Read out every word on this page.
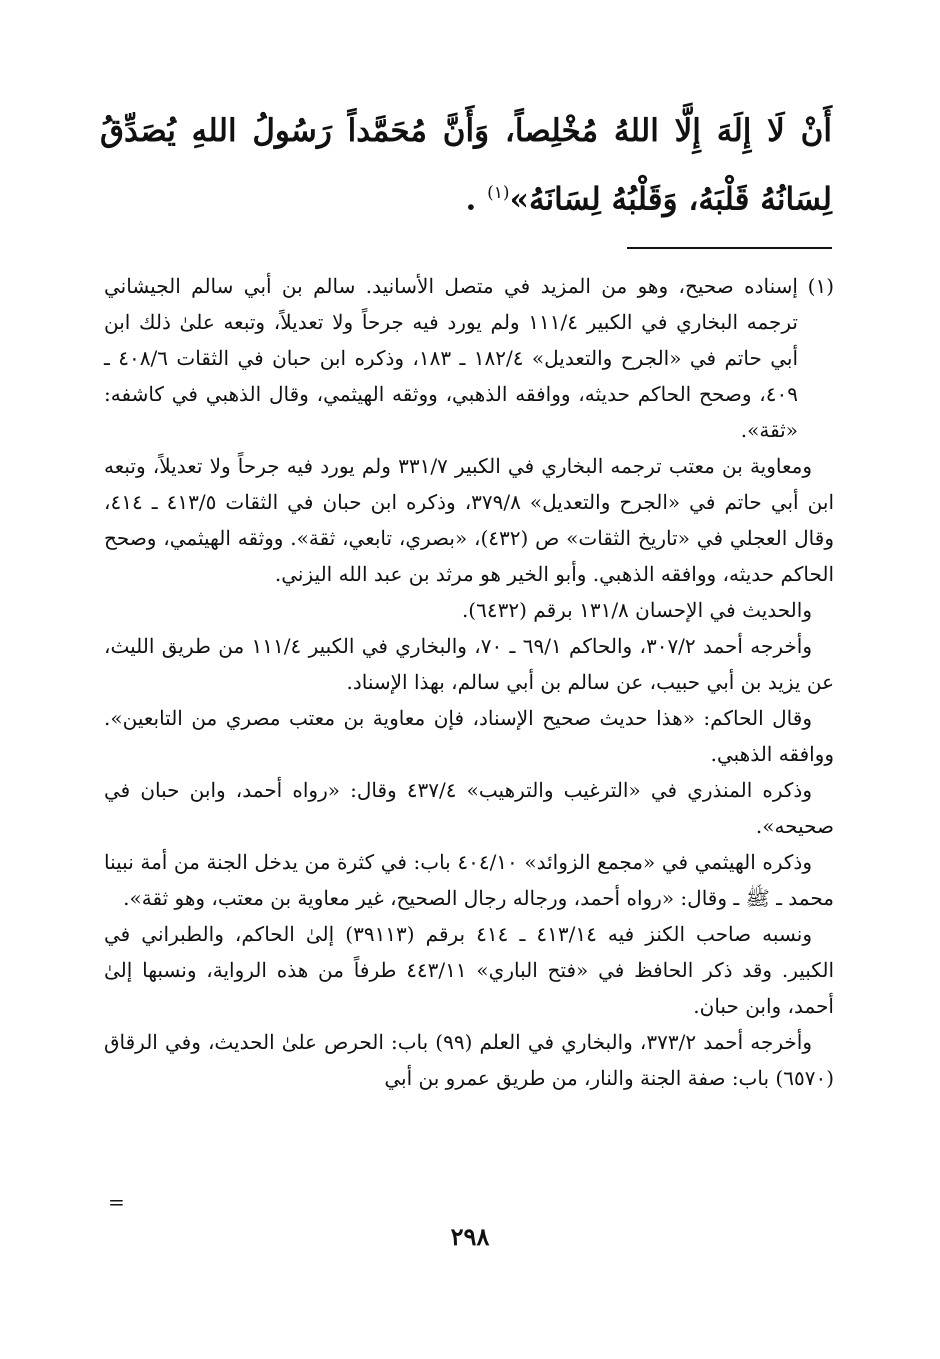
أَنْ لَا إِلَهَ إِلَّا اللهُ مُخْلِصاً، وَأَنَّ مُحَمَّداً رَسُولُ اللهِ يُصَدِّقُ لِسَانُهُ قَلْبَهُ، وَقَلْبُهُ لِسَانَهُ»$^{(١)}$ .

(١)
إسناده صحيح، وهو من المزيد في متصل الأسانيد. سالم بن أبي سالم الجيشاني ترجمه البخاري في الكبير ١١١/٤ ولم يورد فيه جرحاً ولا تعديلاً، وتبعه علىٰ ذلك ابن أبي حاتم في «الجرح والتعديل» ١٨٢/٤ ـ ١٨٣، وذكره ابن حبان في الثقات ٤٠٨/٦ ـ ٤٠٩، وصحح الحاكم حديثه، ووافقه الذهبي، ووثقه الهيثمي، وقال الذهبي في كاشفه: «ثقة».

ومعاوية بن معتب ترجمه البخاري في الكبير ٣٣١/٧ ولم يورد فيه جرحاً ولا تعديلاً، وتبعه ابن أبي حاتم في «الجرح والتعديل» ٣٧٩/٨، وذكره ابن حبان في الثقات ٤١٣/٥ ـ ٤١٤، وقال العجلي في «تاريخ الثقات» ص (٤٣٢)، «بصري، تابعي، ثقة». ووثقه الهيثمي، وصحح الحاكم حديثه، ووافقه الذهبي. وأبو الخير هو مرثد بن عبد الله اليزني.

والحديث في الإحسان ١٣١/٨ برقم (٦٤٣٢).

وأخرجه أحمد ٣٠٧/٢، والحاكم ٦٩/١ ـ ٧٠، والبخاري في الكبير ١١١/٤ من طريق الليث، عن يزيد بن أبي حبيب، عن سالم بن أبي سالم، بهذا الإسناد.

وقال الحاكم: «هذا حديث صحيح الإسناد، فإن معاوية بن معتب مصري من التابعين». ووافقه الذهبي.

وذكره المنذري في «الترغيب والترهيب» ٤٣٧/٤ وقال: «رواه أحمد، وابن حبان في صحيحه».

وذكره الهيثمي في «مجمع الزوائد» ٤٠٤/١٠ باب: في كثرة من يدخل الجنة من أمة نبينا محمد ـ ﷺ ـ وقال: «رواه أحمد، ورجاله رجال الصحيح، غير معاوية بن معتب، وهو ثقة».

ونسبه صاحب الكنز فيه ٤١٣/١٤ ـ ٤١٤ برقم (٣٩١١٣) إلىٰ الحاكم، والطبراني في الكبير. وقد ذكر الحافظ في «فتح الباري» ٤٤٣/١١ طرفاً من هذه الرواية، ونسبها إلىٰ أحمد، وابن حبان.

وأخرجه أحمد ٣٧٣/٢، والبخاري في العلم (٩٩) باب: الحرص علىٰ الحديث، وفي الرقاق (٦٥٧٠) باب: صفة الجنة والنار، من طريق عمرو بن أبي

=
٢٩٨
